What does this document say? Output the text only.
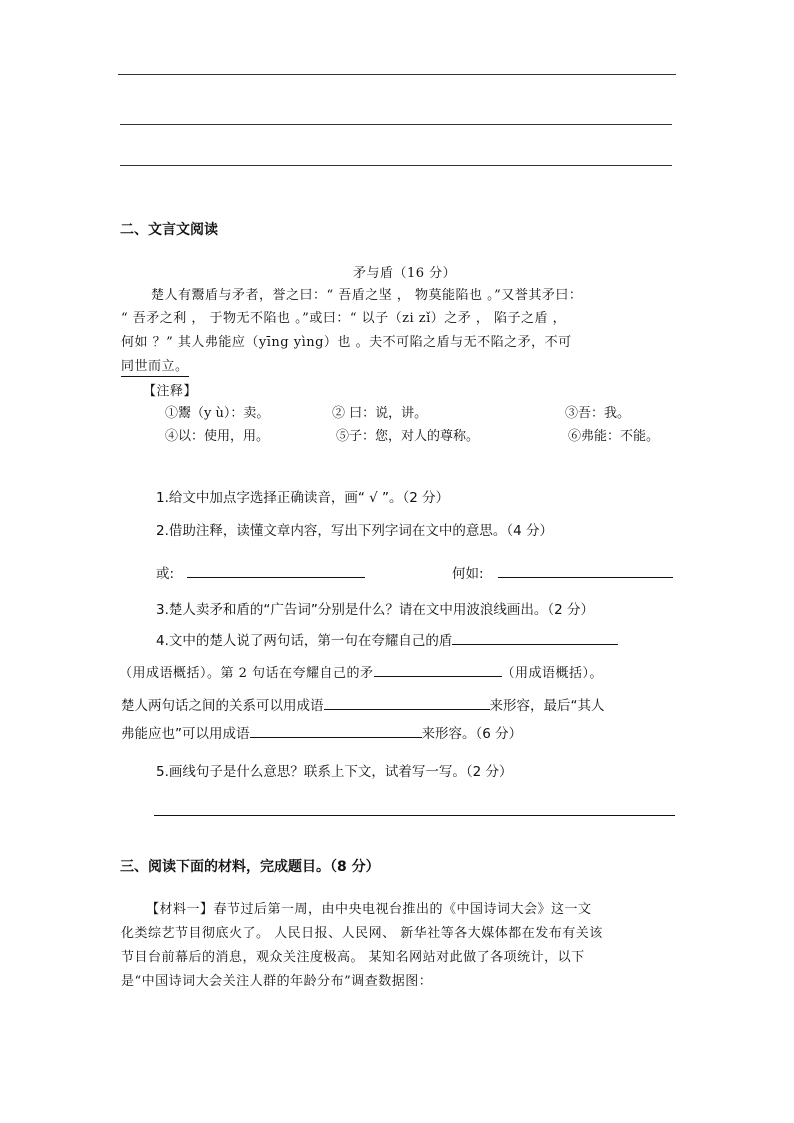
二、文言文阅读
矛与盾（16 分）
楚人有鬻盾与矛者，誉之曰：“ 吾盾之坚 ， 物莫能陷也 。”又誉其矛曰：
“ 吾矛之利 ， 于物无不陷也 。”或曰：“ 以子（zi zǐ）之矛 ， 陷子之盾 ，
何如 ？” 其人弗能应（yīng yìng）也 。夫不可陷之盾与无不陷之矛，不可
同世而立。
【注释】
①鬻（y ù）：卖。	② 曰：说，讲。	③吾：我。
④以：使用，用。	⑤子：您，对人的尊称。	⑥弗能：不能。
1.给文中加点字选择正确读音，画“ √ ”。（2 分）
2.借助注释，读懂文章内容，写出下列字词在文中的意思。（4 分）
或:	何如:
3.楚人卖矛和盾的“广告词”分别是什么？请在文中用波浪线画出。（2 分）
4.文中的楚人说了两句话，第一句在夸耀自己的盾
（用成语概括）。第 2 句话在夸耀自己的矛	（用成语概括）。
楚人两句话之间的关系可以用成语	来形容，最后“其人
弗能应也”可以用成语	来形容。（6 分）
5.画线句子是什么意思？联系上下文，试着写一写。（2 分）
三、阅读下面的材料，完成题目。（8 分）
【材料一】春节过后第一周，由中央电视台推出的《中国诗词大会》这一文
化类综艺节目彻底火了。 人民日报、人民网、 新华社等各大媒体都在发布有关该
节目台前幕后的消息，观众关注度极高。 某知名网站对此做了各项统计，以下
是“中国诗词大会关注人群的年龄分布”调查数据图：
